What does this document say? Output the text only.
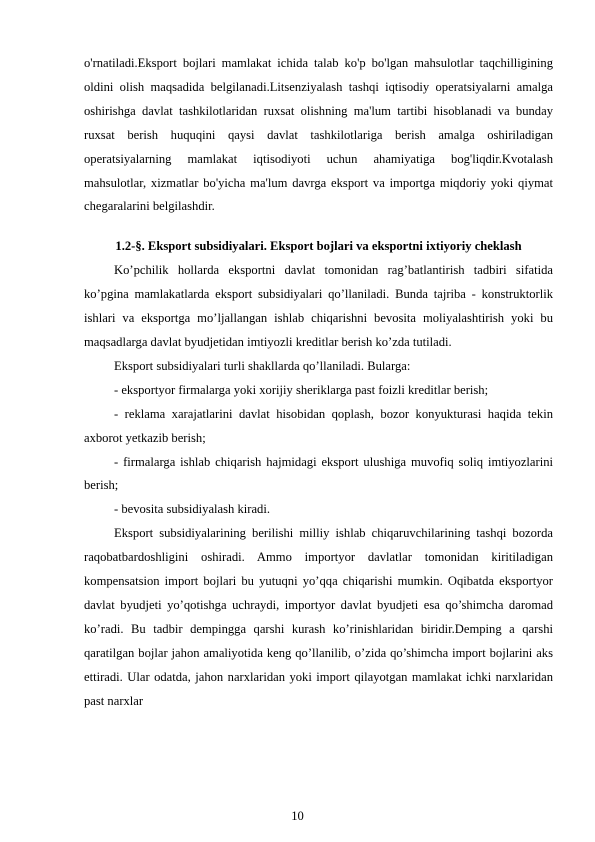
o'rnatiladi.Eksport bojlari mamlakat ichida talab ko'p bo'lgan mahsulotlar taqchilligining oldini olish maqsadida belgilanadi.Litsenziyalash tashqi iqtisodiy operatsiyalarni amalga oshirishga davlat tashkilotlaridan ruxsat olishning ma'lum tartibi hisoblanadi va bunday ruxsat berish huquqini qaysi davlat tashkilotlariga berish amalga oshiriladigan operatsiyalarning mamlakat iqtisodiyoti uchun ahamiyatiga bog'liqdir.Kvotalash mahsulotlar, xizmatlar bo'yicha ma'lum davrga eksport va importga miqdoriy yoki qiymat chegaralarini belgilashdir.

1.2-§. Eksport subsidiyalari. Eksport bojlari va eksportni ixtiyoriy cheklash

Ko’pchilik hollarda eksportni davlat tomonidan rag’batlantirish tadbiri sifatida ko’pgina mamlakatlarda eksport subsidiyalari qo’llaniladi. Bunda tajriba - konstruktorlik ishlari va eksportga mo’ljallangan ishlab chiqarishni bevosita moliyalashtirish yoki bu maqsadlarga davlat byudjetidan imtiyozli kreditlar berish ko’zda tutiladi.

Eksport subsidiyalari turli shakllarda qo’llaniladi. Bularga:

- eksportyor firmalarga yoki xorijiy sheriklarga past foizli kreditlar berish;

- reklama xarajatlarini davlat hisobidan qoplash, bozor konyukturasi haqida tekin axborot yetkazib berish;

- firmalarga ishlab chiqarish hajmidagi eksport ulushiga muvofiq soliq imtiyozlarini berish;

- bevosita subsidiyalash kiradi.

Eksport subsidiyalarining berilishi milliy ishlab chiqaruvchilarining tashqi bozorda raqobatbardoshligini oshiradi. Ammo importyor davlatlar tomonidan kiritiladigan kompensatsion import bojlari bu yutuqni yo’qqa chiqarishi mumkin. Oqibatda eksportyor davlat byudjeti yo’qotishga uchraydi, importyor davlat byudjeti esa qo’shimcha daromad ko’radi. Bu tadbir dempingga qarshi kurash ko’rinishlaridan biridir.Demping a qarshi qaratilgan bojlar jahon amaliyotida keng qo’llanilib, o’zida qo’shimcha import bojlarini aks ettiradi. Ular odatda, jahon narxlaridan yoki import qilayotgan mamlakat ichki narxlaridan past narxlar

10
